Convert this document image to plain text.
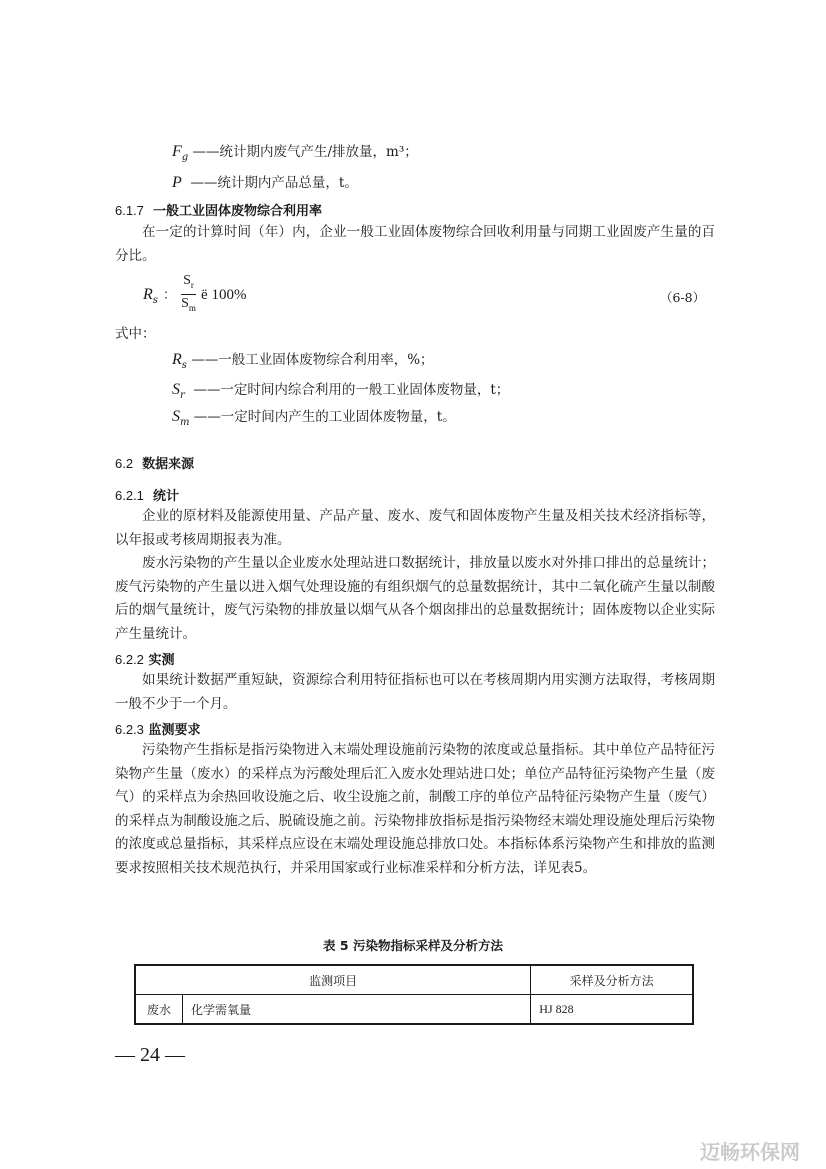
$F_g$ ——统计期内废气产生/排放量，m³；
P ——统计期内产品总量，t。
6.1.7 一般工业固体废物综合利用率

在一定的计算时间（年）内，企业一般工业固体废物综合回收利用量与同期工业固废产生量的百分比。

$R_s$ ： $\frac{S_r}{S_m}$ ë 100%	（6-8）
式中：
$R_s$ ——一般工业固体废物综合利用率，%；
$S_r$ ——一定时间内综合利用的一般工业固体废物量，t；
$S_m$ ——一定时间内产生的工业固体废物量，t。
6.2 数据来源
6.2.1 统计

企业的原材料及能源使用量、产品产量、废水、废气和固体废物产生量及相关技术经济指标等，以年报或考核周期报表为准。

废水污染物的产生量以企业废水处理站进口数据统计，排放量以废水对外排口排出的总量统计；废气污染物的产生量以进入烟气处理设施的有组织烟气的总量数据统计，其中二氧化硫产生量以制酸后的烟气量统计，废气污染物的排放量以烟气从各个烟囱排出的总量数据统计；固体废物以企业实际产生量统计。

6.2.2 实测

如果统计数据严重短缺，资源综合利用特征指标也可以在考核周期内用实测方法取得，考核周期一般不少于一个月。

6.2.3 监测要求

污染物产生指标是指污染物进入末端处理设施前污染物的浓度或总量指标。其中单位产品特征污染物产生量（废水）的采样点为污酸处理后汇入废水处理站进口处；单位产品特征污染物产生量（废气）的采样点为余热回收设施之后、收尘设施之前，制酸工序的单位产品特征污染物产生量（废气）的采样点为制酸设施之后、脱硫设施之前。污染物排放指标是指污染物经末端处理设施处理后污染物的浓度或总量指标，其采样点应设在末端处理设施总排放口处。本指标体系污染物产生和排放的监测要求按照相关技术规范执行，并采用国家或行业标准采样和分析方法，详见表5。

表 5 污染物指标采样及分析方法
监测项目		采样及分析方法
废水	化学需氧量	HJ 828
— 24 —
迈畅环保网
